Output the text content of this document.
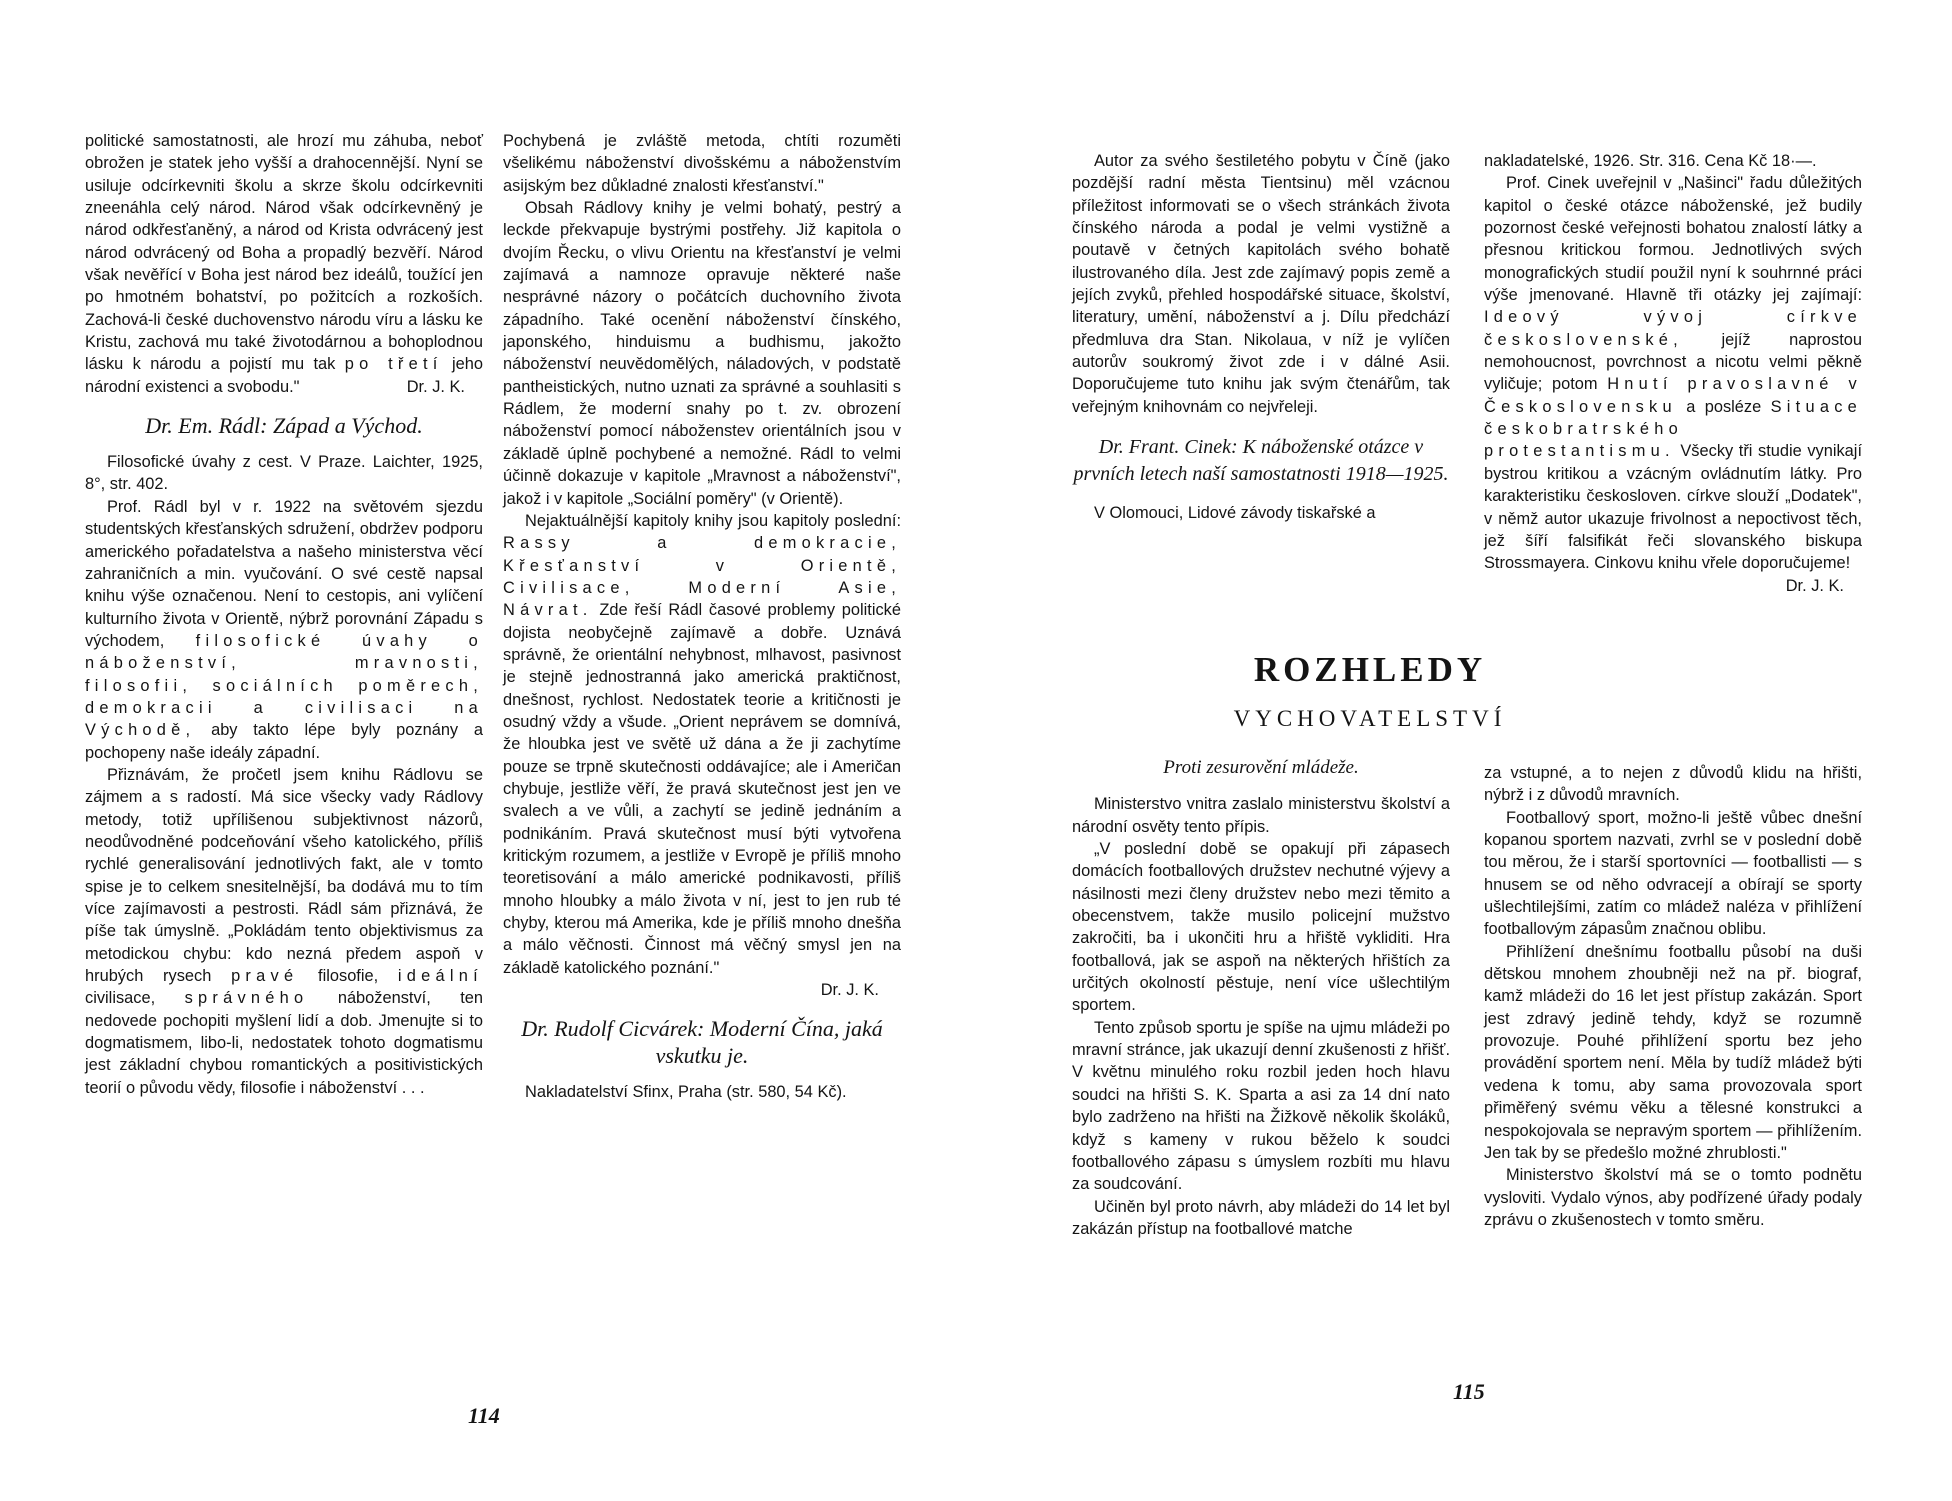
politické samostatnosti, ale hrozí mu záhuba, neboť obrožen je statek jeho vyšší a drahocennější. Nyní se usiluje odcírkevniti školu a skrze školu odcírkevniti zneenáhla celý národ. Národ však odcírkevněný je národ odkřesťaněný, a národ od Krista odvrácený jest národ odvrácený od Boha a propadlý bezvěří. Národ však nevěřící v Boha jest národ bez ideálů, toužící jen po hmotném bohatství, po požitcích a rozkoších. Zachová-li české duchovenstvo národu víru a lásku ke Kristu, zachová mu také životodárnou a bohoplodnou lásku k národu a pojistí mu tak po třetí jeho národní existenci a svobodu."	Dr. J. K.

Dr. Em. Rádl: Západ a Východ.

Filosofické úvahy z cest. V Praze. Laichter, 1925, 8°, str. 402.

Prof. Rádl byl v r. 1922 na světovém sjezdu studentských křesťanských sdružení, obdržev podporu amerického pořadatelstva a našeho ministerstva věcí zahraničních a min. vyučování. O své cestě napsal knihu výše označenou. Není to cestopis, ani vylíčení kulturního života v Orientě, nýbrž porovnání Západu s východem, filosofické úvahy o náboženství, mravnosti, filosofii, sociálních poměrech, demokracii a civilisaci na Východě, aby takto lépe byly poznány a pochopeny naše ideály západní.

Přiznávám, že pročetl jsem knihu Rádlovu se zájmem a s radostí. Má sice všecky vady Rádlovy metody, totiž upřílišenou subjektivnost názorů, neodůvodněné podceňování všeho katolického, příliš rychlé generalisování jednotlivých fakt, ale v tomto spise je to celkem snesitelnější, ba dodává mu to tím více zajímavosti a pestrosti. Rádl sám přiznává, že píše tak úmyslně. „Pokládám tento objektivismus za metodickou chybu: kdo nezná předem aspoň v hrubých rysech pravé filosofie, ideální civilisace, správného náboženství, ten nedovede pochopiti myšlení lidí a dob. Jmenujte si to dogmatismem, libo-li, nedostatek tohoto dogmatismu jest základní chybou romantických a positivistických teorií o původu vědy, filosofie i náboženství . . .

Pochybená je zvláště metoda, chtíti rozuměti všelikému náboženství divošskému a náboženstvím asijským bez důkladné znalosti křesťanství."

Obsah Rádlovy knihy je velmi bohatý, pestrý a leckde překvapuje bystrými postřehy. Již kapitola o dvojím Řecku, o vlivu Orientu na křesťanství je velmi zajímavá a namnoze opravuje některé naše nesprávné názory o počátcích duchovního života západního. Také ocenění náboženství čínského, japonského, hinduismu a budhismu, jakožto náboženství neuvědomělých, náladových, v podstatě pantheistických, nutno uznati za správné a souhlasiti s Rádlem, že moderní snahy po t. zv. obrození náboženství pomocí náboženstev orientálních jsou v základě úplně pochybené a nemožné. Rádl to velmi účinně dokazuje v kapitole „Mravnost a náboženství", jakož i v kapitole „Sociální poměry" (v Orientě).

Nejaktuálnější kapitoly knihy jsou kapitoly poslední: Rassy a demokracie, Křesťanství v Orientě, Civilisace, Moderní Asie, Návrat. Zde řeší Rádl časové problemy politické dojista neobyčejně zajímavě a dobře. Uznává správně, že orientální nehybnost, mlhavost, pasivnost je stejně jednostranná jako americká praktičnost, dnešnost, rychlost. Nedostatek teorie a kritičnosti je osudný vždy a všude. „Orient neprávem se domnívá, že hloubka jest ve světě už dána a že ji zachytíme pouze se trpně skutečnosti oddávajíce; ale i Američan chybuje, jestliže věří, že pravá skutečnost jest jen ve svalech a ve vůli, a zachytí se jedině jednáním a podnikáním. Pravá skutečnost musí býti vytvořena kritickým rozumem, a jestliže v Evropě je příliš mnoho teoretisování a málo americké podnikavosti, příliš mnoho hloubky a málo života v ní, jest to jen rub té chyby, kterou má Amerika, kde je příliš mnoho dnešňa a málo věčnosti. Činnost má věčný smysl jen na základě katolického poznání."

Dr. J. K.
Dr. Rudolf Cicvárek: Moderní Čína, jaká vskutku je.

Nakladatelství Sfinx, Praha (str. 580, 54 Kč).

114

Autor za svého šestiletého pobytu v Číně (jako pozdější radní města Tientsinu) měl vzácnou příležitost informovati se o všech stránkách života čínského národa a podal je velmi vystižně a poutavě v četných kapitolách svého bohatě ilustrovaného díla. Jest zde zajímavý popis země a jejích zvyků, přehled hospodářské situace, školství, literatury, umění, náboženství a j. Dílu předchází předmluva dra Stan. Nikolaua, v níž je vylíčen autorův soukromý život zde i v dálné Asii. Doporučujeme tuto knihu jak svým čtenářům, tak veřejným knihovnám co nejvřeleji.

Dr. Frant. Cinek: K náboženské otázce v prvních letech naší samostatnosti 1918—1925.

V Olomouci, Lidové závody tiskařské a

nakladatelské, 1926. Str. 316. Cena Kč 18·—.

Prof. Cinek uveřejnil v „Našinci" řadu důležitých kapitol o české otázce náboženské, jež budily pozornost české veřejnosti bohatou znalostí látky a přesnou kritickou formou. Jednotlivých svých monografických studií použil nyní k souhrnné práci výše jmenované. Hlavně tři otázky jej zajímají: Ideový vývoj církve československé, jejíž naprostou nemohoucnost, povrchnost a nicotu velmi pěkně vyličuje; potom Hnutí pravoslavné v Československu a posléze Situace českobratrského protestantismu. Všecky tři studie vynikají bystrou kritikou a vzácným ovládnutím látky. Pro karakteristiku českosloven. církve slouží „Dodatek", v němž autor ukazuje frivolnost a nepoctivost těch, jež šíří falsifikát řeči slovanského biskupa Strossmayera. Cinkovu knihu vřele doporučujeme!
Dr. J. K.

ROZHLEDY
VYCHOVATELSTVÍ
Proti zesurovění mládeže.

Ministerstvo vnitra zaslalo ministerstvu školství a národní osvěty tento přípis.

„V poslední době se opakují při zápasech domácích footballových družstev nechutné výjevy a násilnosti mezi členy družstev nebo mezi těmito a obecenstvem, takže musilo policejní mužstvo zakročiti, ba i ukončiti hru a hřiště vykliditi. Hra footballová, jak se aspoň na některých hřištích za určitých okolností pěstuje, není více ušlechtilým sportem.

Tento způsob sportu je spíše na ujmu mládeži po mravní stránce, jak ukazují denní zkušenosti z hřišť. V květnu minulého roku rozbil jeden hoch hlavu soudci na hřišti S. K. Sparta a asi za 14 dní nato bylo zadrženo na hřišti na Žižkově několik školáků, když s kameny v rukou běželo k soudci footballového zápasu s úmyslem rozbíti mu hlavu za soudcování.

Učiněn byl proto návrh, aby mládeži do 14 let byl zakázán přístup na footballové matche

za vstupné, a to nejen z důvodů klidu na hřišti, nýbrž i z důvodů mravních.

Footballový sport, možno-li ještě vůbec dnešní kopanou sportem nazvati, zvrhl se v poslední době tou měrou, že i starší sportovníci — footballisti — s hnusem se od něho odvracejí a obírají se sporty ušlechtilejšími, zatím co mládež naléza v přihlížení footballovým zápasům značnou oblibu.

Přihlížení dnešnímu footballu působí na duši dětskou mnohem zhoubněji než na př. biograf, kamž mládeži do 16 let jest přístup zakázán. Sport jest zdravý jedině tehdy, když se rozumně provozuje. Pouhé přihlížení sportu bez jeho provádění sportem není. Měla by tudíž mládež býti vedena k tomu, aby sama provozovala sport přiměřený svému věku a tělesné konstrukci a nespokojovala se nepravým sportem — přihlížením. Jen tak by se předešlo možné zhrublosti."

Ministerstvo školství má se o tomto podnětu vysloviti. Vydalo výnos, aby podřízené úřady podaly zprávu o zkušenostech v tomto směru.

115
